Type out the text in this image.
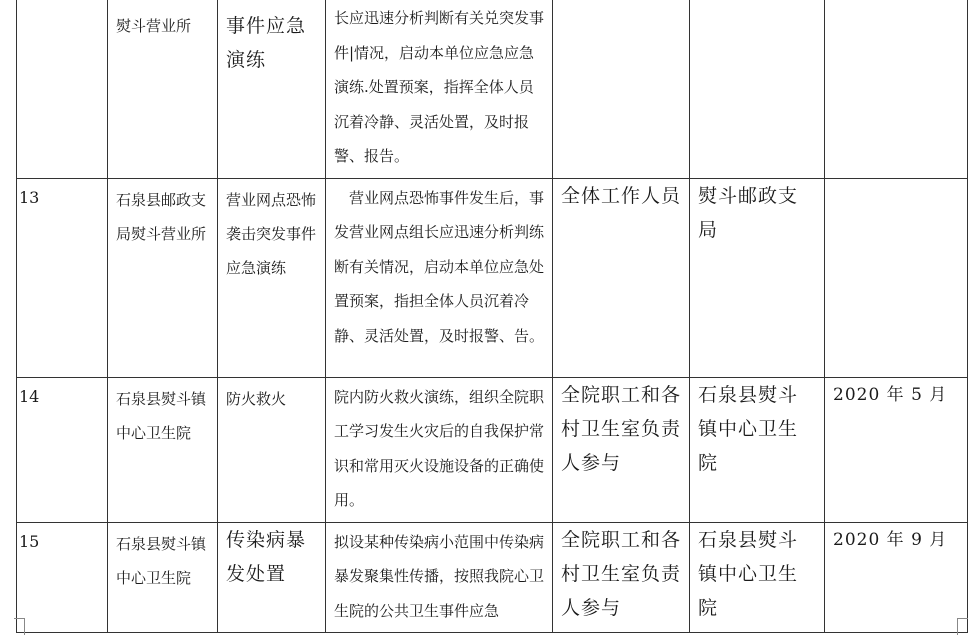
	熨斗营业所	事件应急演练	长应迅速分析判断有关兑突发事件|情况，启动本单位应急应急演练.处置预案，指挥全体人员沉着冷静、灵活处置，及时报警、报告。			

13	石泉县邮政支局熨斗营业所	营业网点恐怖袭击突发事件应急演练	营业网点恐怖事件发生后，事发营业网点组长应迅速分析判练断有关情况，启动本单位应急处置预案，指担全体人员沉着冷静、灵活处置，及时报警、告。	全体工作人员	熨斗邮政支局	

14	石泉县熨斗镇中心卫生院	防火救火	院内防火救火演练，组织全院职工学习发生火灾后的自我保护常识和常用灭火设施设备的正确使用。	全院职工和各村卫生室负责人参与	石泉县熨斗镇中心卫生院	2020 年 5 月

15	石泉县熨斗镇中心卫生院	传染病暴发处置	拟设某种传染病小范围中传染病暴发聚集性传播，按照我院心卫生院的公共卫生事件应急	全院职工和各村卫生室负责人参与	石泉县熨斗镇中心卫生院	2020 年 9 月
